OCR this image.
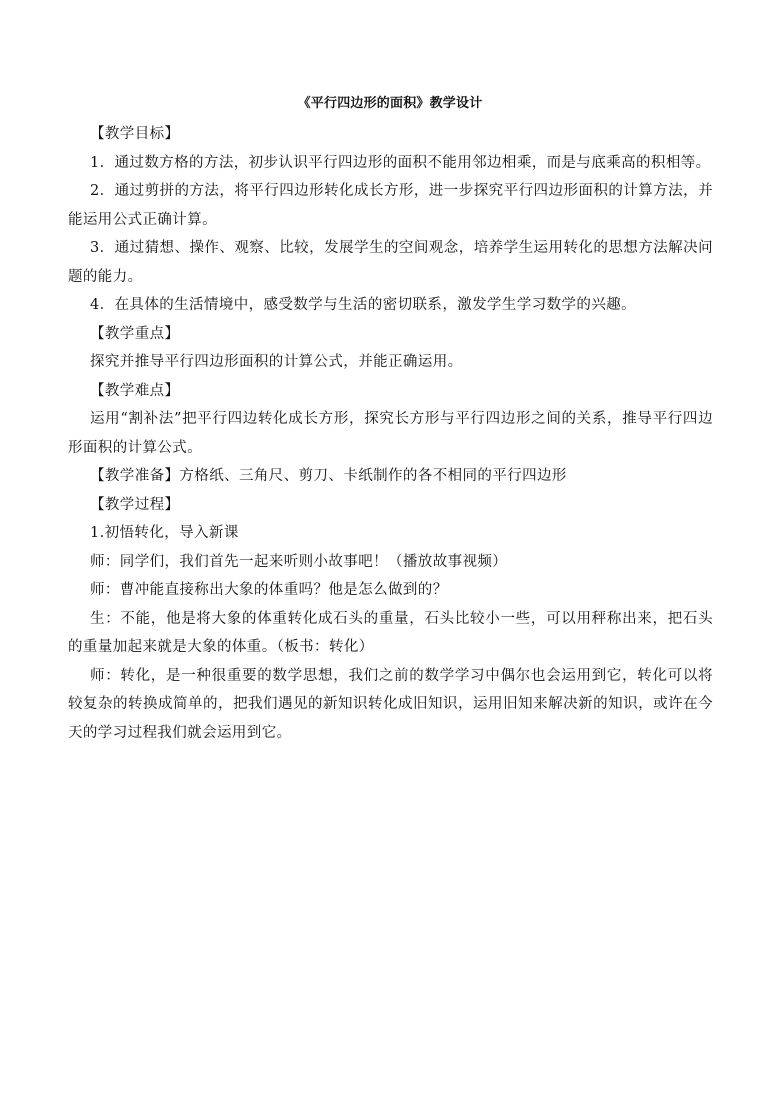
《平行四边形的面积》教学设计

【教学目标】

1．通过数方格的方法，初步认识平行四边形的面积不能用邻边相乘，而是与底乘高的积相等。

2．通过剪拼的方法，将平行四边形转化成长方形，进一步探究平行四边形面积的计算方法，并能运用公式正确计算。

3．通过猜想、操作、观察、比较，发展学生的空间观念，培养学生运用转化的思想方法解决问题的能力。

4．在具体的生活情境中，感受数学与生活的密切联系，激发学生学习数学的兴趣。

【教学重点】

探究并推导平行四边形面积的计算公式，并能正确运用。

【教学难点】

运用“割补法”把平行四边转化成长方形，探究长方形与平行四边形之间的关系，推导平行四边形面积的计算公式。

【教学准备】方格纸、三角尺、剪刀、卡纸制作的各不相同的平行四边形

【教学过程】

1.初悟转化，导入新课

师：同学们，我们首先一起来听则小故事吧！（播放故事视频）

师：曹冲能直接称出大象的体重吗？他是怎么做到的？

生：不能，他是将大象的体重转化成石头的重量，石头比较小一些，可以用秤称出来，把石头的重量加起来就是大象的体重。（板书：转化）

师：转化，是一种很重要的数学思想，我们之前的数学学习中偶尔也会运用到它，转化可以将较复杂的转换成简单的，把我们遇见的新知识转化成旧知识，运用旧知来解决新的知识，或许在今天的学习过程我们就会运用到它。
